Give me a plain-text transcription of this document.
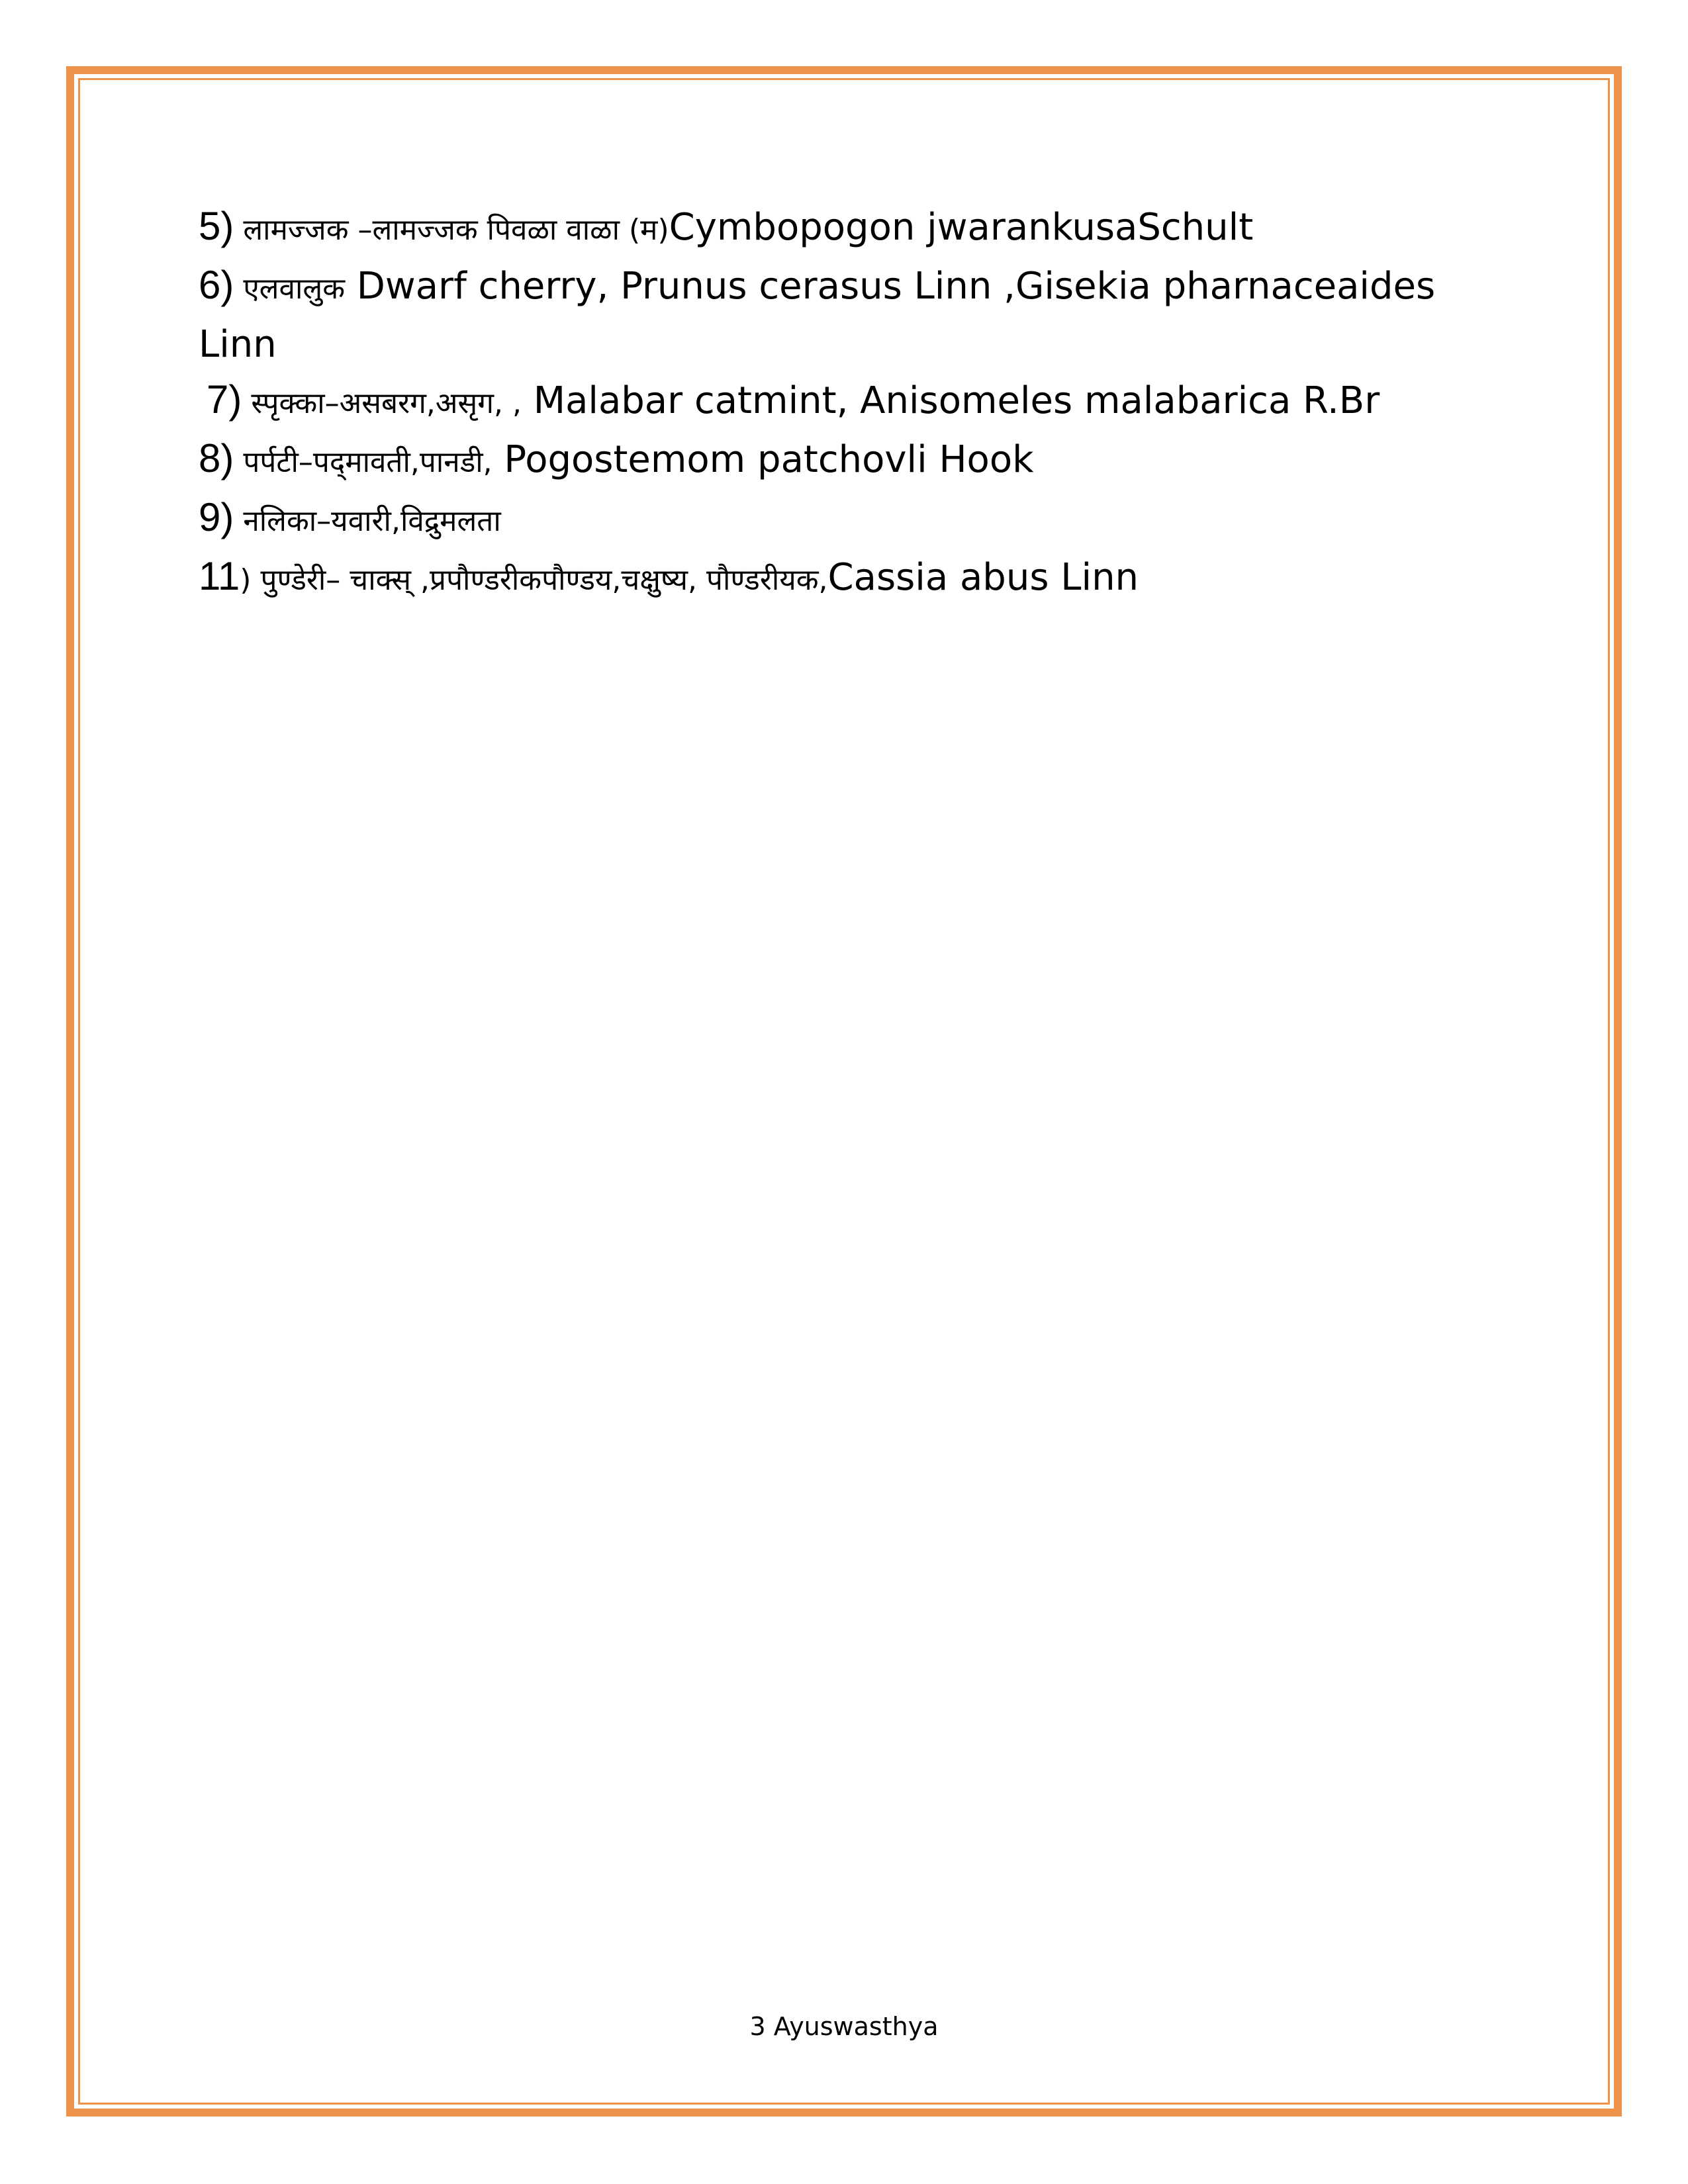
5) लामज्जक –लामज्जक पिवळा वाळा (म)Cymbopogon jwarankusaSchult
6) एलवालुक Dwarf cherry, Prunus cerasus Linn ,Gisekia pharnaceaides
Linn
7) स्पृक्‍का–असबरग,असृग, , Malabar catmint, Anisomeles malabarica R.Br
8) पर्पटी–पद्‌मावती,पानडी, Pogostemom patchovli Hook
9) नलिका–यवारी,विद्रुमलता
11) पुण्डेरी– चाक्स् ,प्रपौण्डरीकपौण्डय,चक्षुष्य, पौण्डरीयक,Cassia abus Linn
3 Ayuswasthya
